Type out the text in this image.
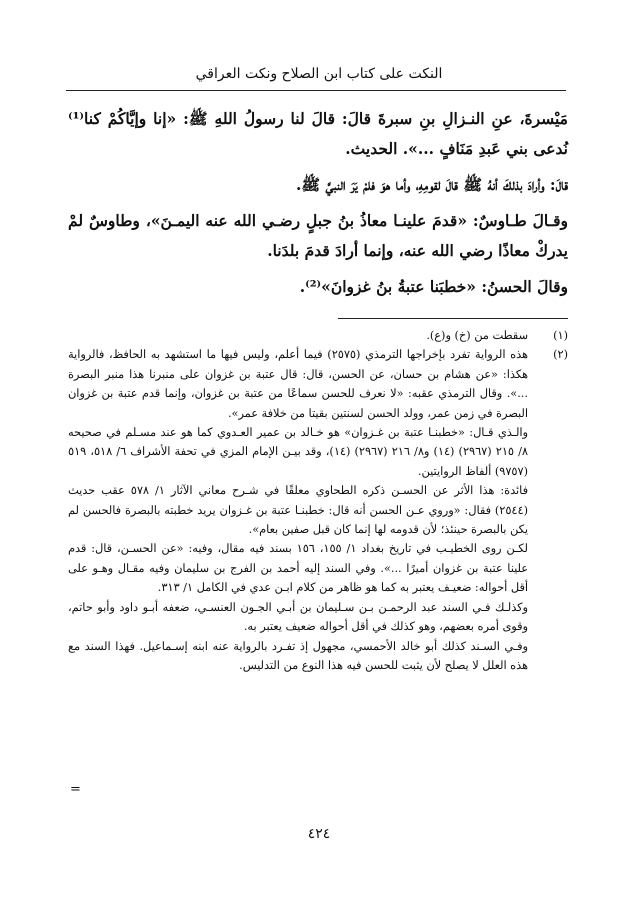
النكت على كتاب ابن الصلاح ونكت العراقي

مَيْسرةَ، عنِ النـزالِ بنِ سبرةَ قالَ: قالَ لنا رسولُ اللهِ ﷺ: «إنا وإيَّاكُمْ كنا⁽¹⁾ نُدعى بني عَبدِ مَنَافٍ ...». الحديث.

قالَ: وأرادَ بذلكَ أنهُ ﷺ قالَ لقومِهِ، وأما هوَ فلمْ يَرَ النبيَّ ﷺ.

وقـالَ طـاوسٌ: «قدمَ علينـا معاذُ بنُ جبلٍ رضـي الله عنه اليمـنَ»، وطاوسٌ لمْ يدركْ معاذًا رضي الله عنه، وإنما أرادَ قدمَ بلدَنا.

وقالَ الحسنُ: «خطبَنا عتبةُ بنُ غزوانَ»⁽²⁾.

(١)

سقطت من (خ) و(ع).

(٢)

هذه الرواية تفرد بإخراجها الترمذي (٢٥٧٥) فيما أعلم، وليس فيها ما استشهد به الحافظ، فالرواية هكذا: «عن هشام بن حسان، عن الحسن، قال: قال عتبة بن غزوان على منبرنا هذا منبر البصرة ...». وقال الترمذي عقبه: «لا نعرف للحسن سماعًا من عتبة بن غزوان، وإنما قدم عتبة بن غزوان البصرة في زمن عمر، وولد الحسن لسنتين بقيتا من خلافة عمر».

والـذي قـال: «خطبنـا عتبة بن غـزوان» هو خـالد بن عمير العـدوي كما هو عند مسـلم في صحيحه ٨/ ٢١٥ (٢٩٦٧) (١٤) و٨/ ٢١٦ (٢٩٦٧) (١٤)، وقد بيـن الإمام المزي في تحفة الأشراف ٦/ ٥١٨، ٥١٩ (٩٧٥٧) ألفاظ الروايتين.

فائدة: هذا الأثر عن الحسـن ذكره الطحاوي معلقًا في شـرح معاني الآثار ١/ ٥٧٨ عقب حديث (٢٥٤٤) فقال: «وروي عـن الحسن أنه قال: خطبنـا عتبة بن غـزوان يريد خطبته بالبصرة فالحسن لم يكن بالبصرة حينئذ؛ لأن قدومه لها إنما كان قبل صفين بعام».

لكـن روى الخطيـب في تاريخ بغداد ١/ ١٥٥، ١٥٦ بسند فيه مقال، وفيه: «عن الحسـن، قال: قدم علينا عتبة بن غزوان أميرًا ...». وفي السند إليه أحمد بن الفرج بن سليمان وفيه مقـال وهـو على أقل أحواله: ضعيـف يعتبر به كما هو ظاهر من كلام ابـن عدي في الكامل ١/ ٣١٣.

وكذلـك فـي السند عبد الرحمـن بـن سـليمان بن أبـي الجـون العنسـي، ضعفه أبـو داود وأبو حاتم، وقوى أمره بعضهم، وهو كذلك في أقل أحواله ضعيف يعتبر به.

وفـي السـند كذلك أبو خالد الأحمسي، مجهول إذ تفـرد بالرواية عنه ابنه إسـماعيل. فهذا السند مع هذه العلل لا يصلح لأن يثبت للحسن فيه هذا النوع من التدليس.

=
٤٢٤
